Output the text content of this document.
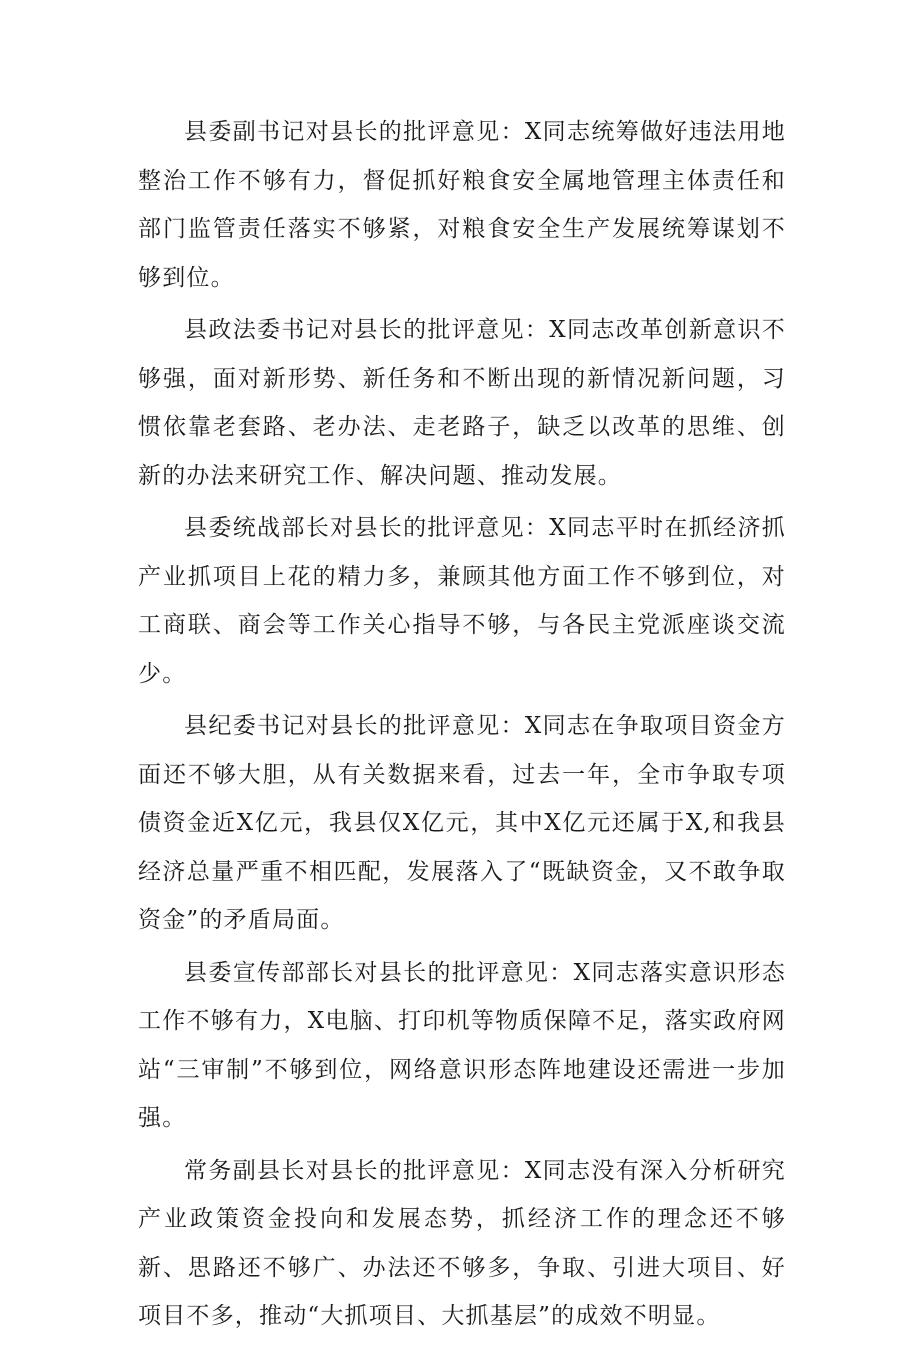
县委副书记对县长的批评意见：X同志统筹做好违法用地整治工作不够有力，督促抓好粮食安全属地管理主体责任和部门监管责任落实不够紧，对粮食安全生产发展统筹谋划不够到位。

县政法委书记对县长的批评意见：X同志改革创新意识不够强，面对新形势、新任务和不断出现的新情况新问题，习惯依靠老套路、老办法、走老路子，缺乏以改革的思维、创新的办法来研究工作、解决问题、推动发展。

县委统战部长对县长的批评意见：X同志平时在抓经济抓产业抓项目上花的精力多，兼顾其他方面工作不够到位，对工商联、商会等工作关心指导不够，与各民主党派座谈交流少。

县纪委书记对县长的批评意见：X同志在争取项目资金方面还不够大胆，从有关数据来看，过去一年，全市争取专项债资金近X亿元，我县仅X亿元，其中X亿元还属于X,和我县经济总量严重不相匹配，发展落入了“既缺资金，又不敢争取资金”的矛盾局面。

县委宣传部部长对县长的批评意见：X同志落实意识形态工作不够有力，X电脑、打印机等物质保障不足，落实政府网站“三审制”不够到位，网络意识形态阵地建设还需进一步加强。

常务副县长对县长的批评意见：X同志没有深入分析研究产业政策资金投向和发展态势，抓经济工作的理念还不够新、思路还不够广、办法还不够多，争取、引进大项目、好项目不多，推动“大抓项目、大抓基层”的成效不明显。
